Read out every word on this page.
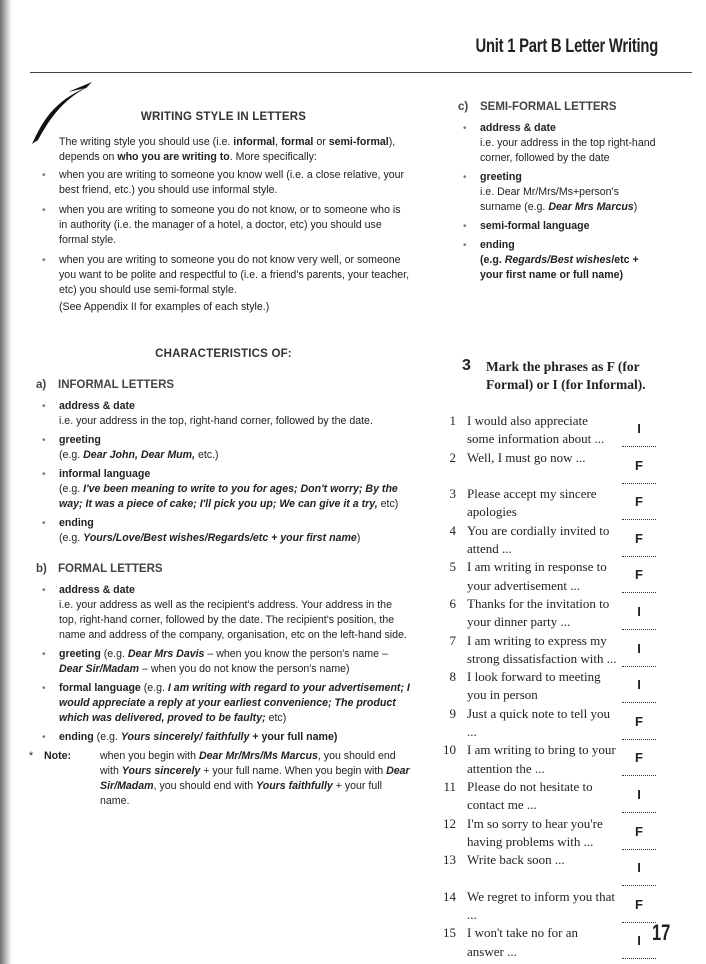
Unit 1 Part B Letter Writing
WRITING STYLE IN LETTERS

The writing style you should use (i.e. informal, formal or semi-formal), depends on who you are writing to. More specifically:

• when you are writing to someone you know well (i.e. a close relative, your best friend, etc.) you should use informal style.
• when you are writing to someone you do not know, or to someone who is in authority (i.e. the manager of a hotel, a doctor, etc) you should use formal style.
• when you are writing to someone you do not know very well, or someone you want to be polite and respectful to (i.e. a friend's parents, your teacher, etc) you should use semi-formal style.

(See Appendix II for examples of each style.)

CHARACTERISTICS OF:
a) INFORMAL LETTERS
• address & date
i.e. your address in the top, right-hand corner, followed by the date.
• greeting
(e.g. Dear John, Dear Mum, etc.)
• informal language
(e.g. I've been meaning to write to you for ages; Don't worry; By the way; It was a piece of cake; I'll pick you up; We can give it a try, etc)
• ending
(e.g. Yours/Love/Best wishes/Regards/etc + your first name)
b) FORMAL LETTERS
• address & date
i.e. your address as well as the recipient's address. Your address in the top, right-hand corner, followed by the date. The recipient's position, the name and address of the company, organisation, etc on the left-hand side.
• greeting (e.g. Dear Mrs Davis – when you know the person's name – Dear Sir/Madam – when you do not know the person's name)
• formal language (e.g. I am writing with regard to your advertisement; I would appreciate a reply at your earliest convenience; The product which was delivered, proved to be faulty; etc)
• ending (e.g. Yours sincerely/ faithfully + your full name)
* Note:	when you begin with Dear Mr/Mrs/Ms Marcus, you should end with Yours sincerely + your full name. When you begin with Dear Sir/Madam, you should end with Yours faithfully + your full name.
c) SEMI-FORMAL LETTERS
• address & date
i.e. your address in the top right-hand corner, followed by the date
• greeting
i.e. Dear Mr/Mrs/Ms+person's surname (e.g. Dear Mrs Marcus)
• semi-formal language
• ending
(e.g. Regards/Best wishes/etc + your first name or full name)
3	Mark the phrases as F (for Formal) or I (for Informal).
1 I would also appreciate some information about ...
I
2 Well, I must go now ...
F
3 Please accept my sincere apologies
F
4 You are cordially invited to attend ...
F
5 I am writing in response to your advertisement ...
F
6 Thanks for the invitation to your dinner party ...
I
7 I am writing to express my strong dissatisfaction with ...
I
8 I look forward to meeting you in person
I
9 Just a quick note to tell you ...
F
10 I am writing to bring to your attention the ...
F
11 Please do not hesitate to contact me ...
I
12 I'm so sorry to hear you're having problems with ...
F
13 Write back soon ...
I
14 We regret to inform you that ...
F
15 I won't take no for an answer ...
I 17
